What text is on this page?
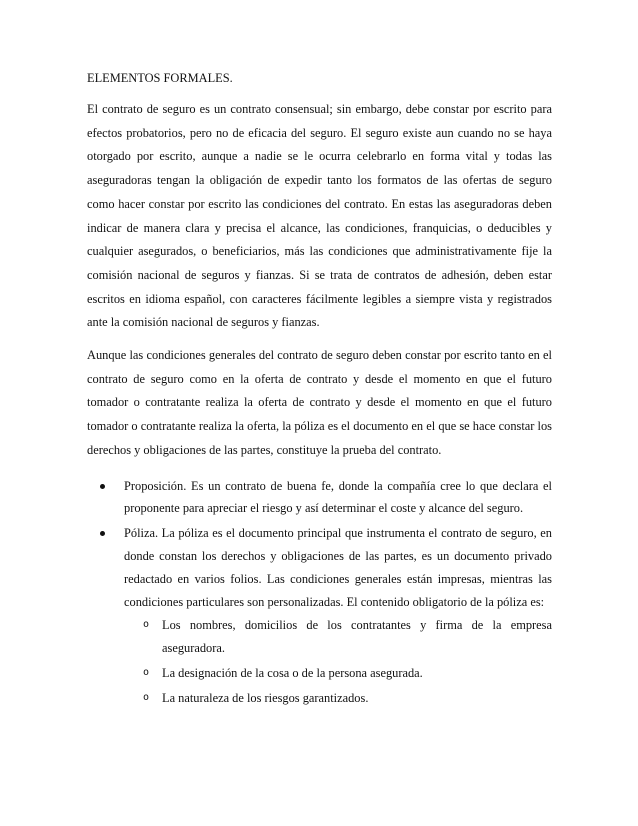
ELEMENTOS FORMALES.

El contrato de seguro es un contrato consensual; sin embargo, debe constar por escrito para efectos probatorios, pero no de eficacia del seguro. El seguro existe aun cuando no se haya otorgado por escrito, aunque a nadie se le ocurra celebrarlo en forma vital y todas las aseguradoras tengan la obligación de expedir tanto los formatos de las ofertas de seguro como hacer constar por escrito las condiciones del contrato. En estas las aseguradoras deben indicar de manera clara y precisa el alcance, las condiciones, franquicias, o deducibles y cualquier asegurados, o beneficiarios, más las condiciones que administrativamente fije la comisión nacional de seguros y fianzas. Si se trata de contratos de adhesión, deben estar escritos en idioma español, con caracteres fácilmente legibles a siempre vista y registrados ante la comisión nacional de seguros y fianzas.

Aunque las condiciones generales del contrato de seguro deben constar por escrito tanto en el contrato de seguro como en la oferta de contrato y desde el momento en que el futuro tomador o contratante realiza la oferta de contrato y desde el momento en que el futuro tomador o contratante realiza la oferta, la póliza es el documento en el que se hace constar los derechos y obligaciones de las partes, constituye la prueba del contrato.

Proposición. Es un contrato de buena fe, donde la compañía cree lo que declara el proponente para apreciar el riesgo y así determinar el coste y alcance del seguro.
Póliza. La póliza es el documento principal que instrumenta el contrato de seguro, en donde constan los derechos y obligaciones de las partes, es un documento privado redactado en varios folios. Las condiciones generales están impresas, mientras las condiciones particulares son personalizadas. El contenido obligatorio de la póliza es:
o Los nombres, domicilios de los contratantes y firma de la empresa aseguradora.
o La designación de la cosa o de la persona asegurada.
o La naturaleza de los riesgos garantizados.
